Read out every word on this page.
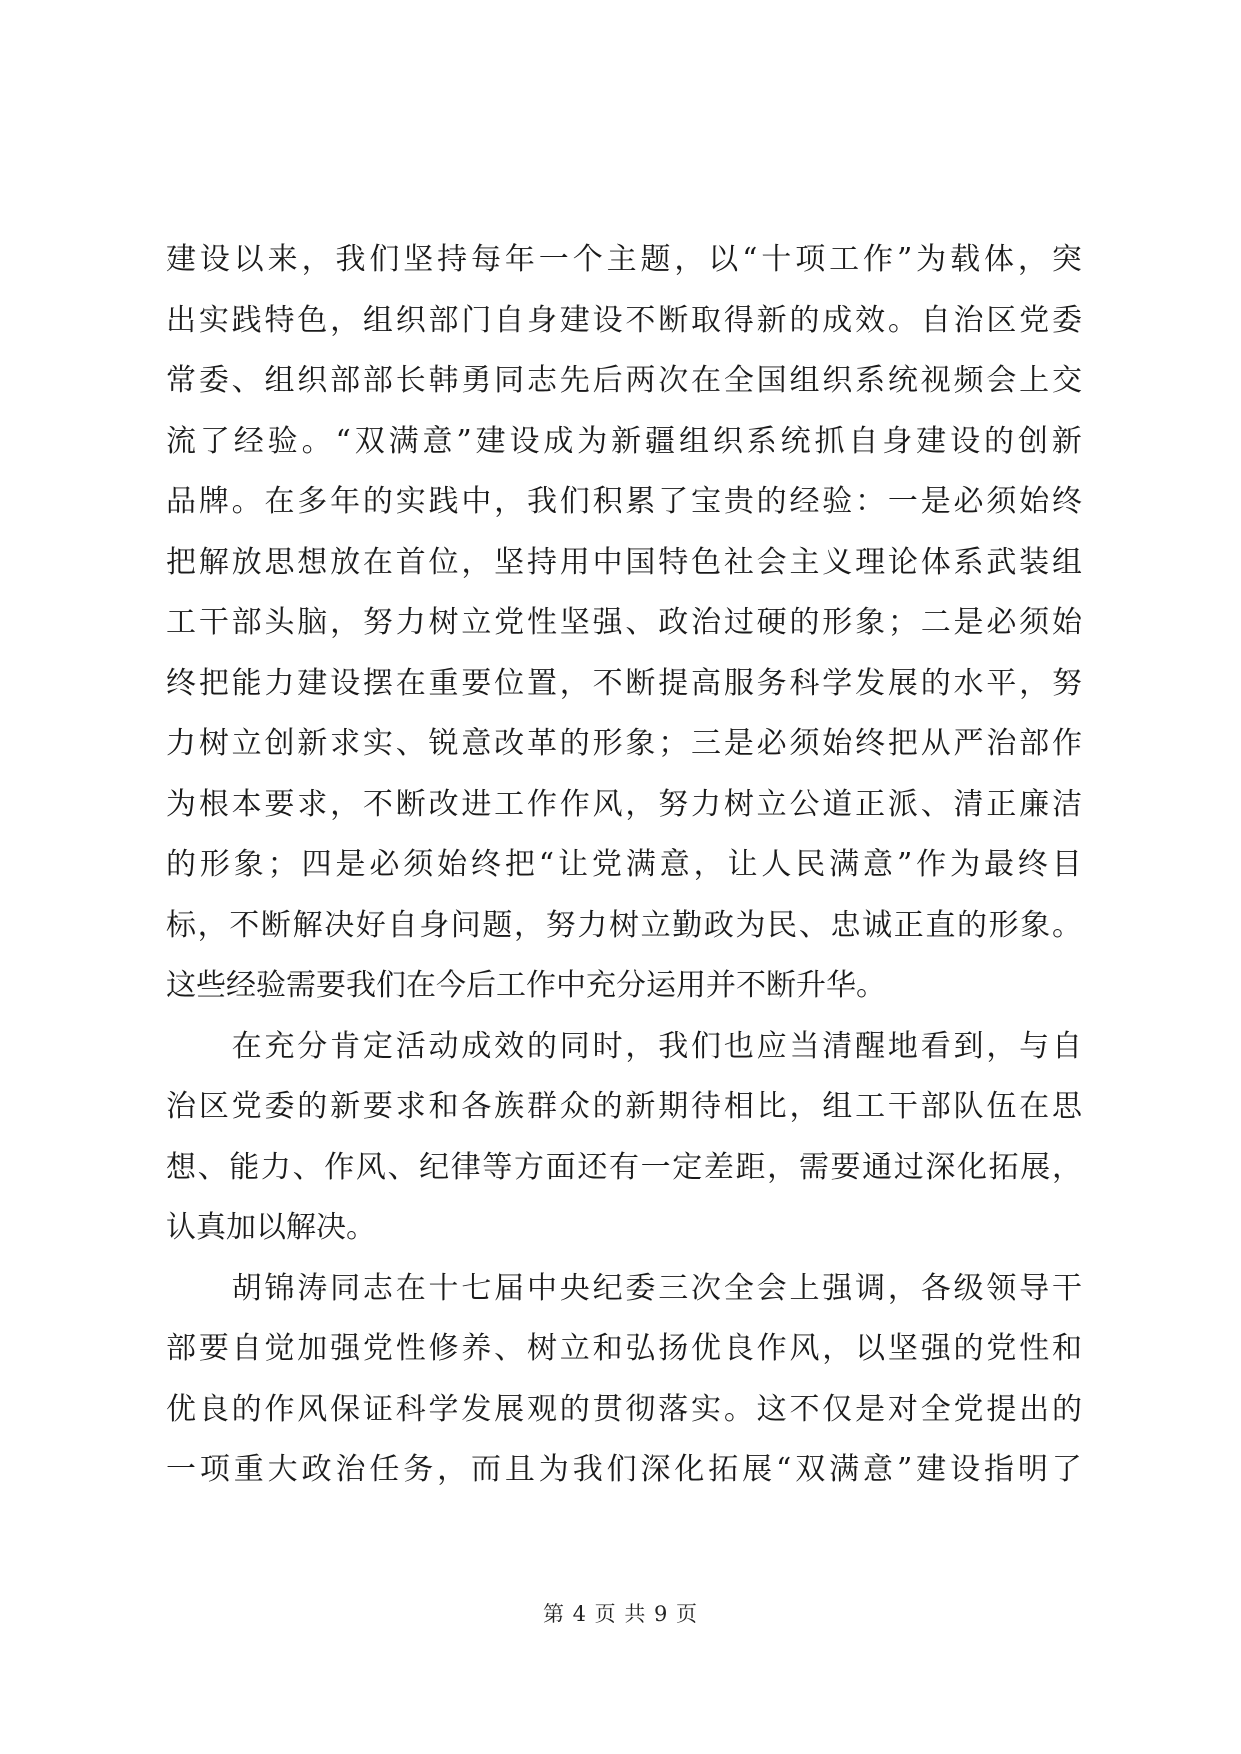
建 设 以 来 ， 我 们 坚 持 每 年 一 个 主 题 ， 以 “ 十 项 工 作 ” 为 载 体 ， 突
出 实 践 特 色 ， 组 织 部 门 自 身 建 设 不 断 取 得 新 的 成 效 。 自 治 区 党 委
常 委 、 组 织 部 部 长 韩 勇 同 志 先 后 两 次 在 全 国 组 织 系 统 视 频 会 上 交
流 了 经 验 。 “ 双 满 意 ” 建 设 成 为 新 疆 组 织 系 统 抓 自 身 建 设 的 创 新
品 牌 。 在 多 年 的 实 践 中 ， 我 们 积 累 了 宝 贵 的 经 验 ： 一 是 必 须 始 终
把 解 放 思 想 放 在 首 位 ， 坚 持 用 中 国 特 色 社 会 主 义 理 论 体 系 武 装 组
工 干 部 头 脑 ， 努 力 树 立 党 性 坚 强 、 政 治 过 硬 的 形 象 ； 二 是 必 须 始
终 把 能 力 建 设 摆 在 重 要 位 置 ， 不 断 提 高 服 务 科 学 发 展 的 水 平 ， 努
力 树 立 创 新 求 实 、 锐 意 改 革 的 形 象 ； 三 是 必 须 始 终 把 从 严 治 部 作
为 根 本 要 求 ， 不 断 改 进 工 作 作 风 ， 努 力 树 立 公 道 正 派 、 清 正 廉 洁
的 形 象 ； 四 是 必 须 始 终 把 “ 让 党 满 意 ， 让 人 民 满 意 ” 作 为 最 终 目
标 ， 不 断 解 决 好 自 身 问 题 ， 努 力 树 立 勤 政 为 民 、 忠 诚 正 直 的 形 象 。
这些经验需要我们在今后工作中充分运用并不断升华。

在 充 分 肯 定 活 动 成 效 的 同 时 ， 我 们 也 应 当 清 醒 地 看 到 ， 与 自
治 区 党 委 的 新 要 求 和 各 族 群 众 的 新 期 待 相 比 ， 组 工 干 部 队 伍 在 思
想 、 能 力 、 作 风 、 纪 律 等 方 面 还 有 一 定 差 距 ， 需 要 通 过 深 化 拓 展 ，
认真加以解决。

胡 锦 涛 同 志 在 十 七 届 中 央 纪 委 三 次 全 会 上 强 调 ， 各 级 领 导 干
部 要 自 觉 加 强 党 性 修 养 、 树 立 和 弘 扬 优 良 作 风 ， 以 坚 强 的 党 性 和
优 良 的 作 风 保 证 科 学 发 展 观 的 贯 彻 落 实 。 这 不 仅 是 对 全 党 提 出 的
一 项 重 大 政 治 任 务 ， 而 且 为 我 们 深 化 拓 展 “ 双 满 意 ” 建 设 指 明 了
第 4 页 共 9 页
